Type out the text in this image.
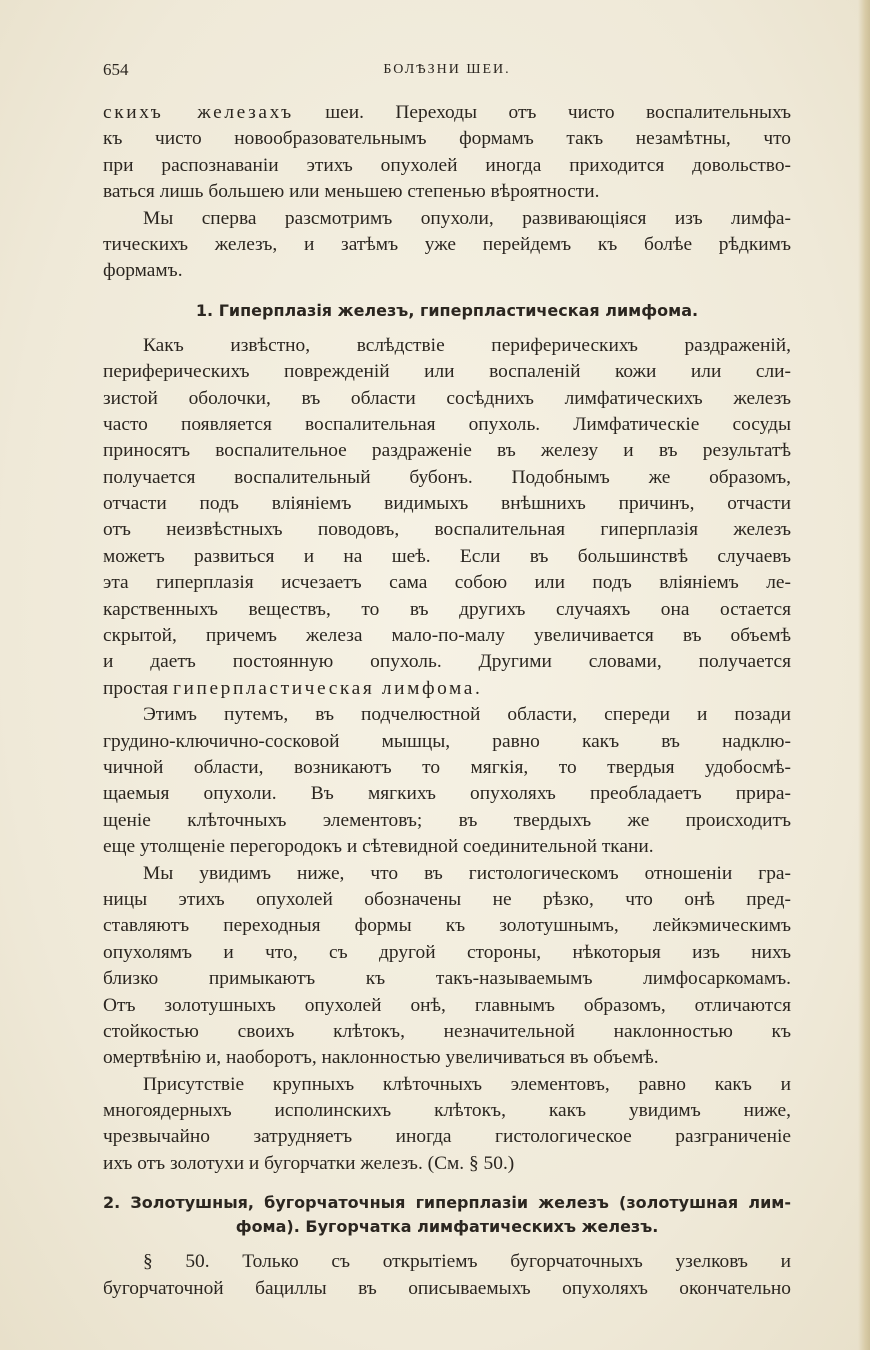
654	БОЛѢЗНИ ШЕИ.
скихъ железахъ шеи. Переходы отъ чисто воспалительныхъ
къ чисто новообразовательнымъ формамъ такъ незамѣтны, что
при распознаваніи этихъ опухолей иногда приходится довольство-
ваться лишь большею или меньшею степенью вѣроятности.
Мы сперва разсмотримъ опухоли, развивающіяся изъ лимфа-
тическихъ железъ, и затѣмъ уже перейдемъ къ болѣе рѣдкимъ
формамъ.
1. Гиперплазія железъ, гиперпластическая лимфома.
Какъ извѣстно, вслѣдствіе периферическихъ раздраженій,
периферическихъ поврежденій или воспаленій кожи или сли-
зистой оболочки, въ области сосѣднихъ лимфатическихъ железъ
часто появляется воспалительная опухоль. Лимфатическіе сосуды
приносятъ воспалительное раздраженіе въ железу и въ результатѣ
получается воспалительный бубонъ. Подобнымъ же образомъ,
отчасти подъ вліяніемъ видимыхъ внѣшнихъ причинъ, отчасти
отъ неизвѣстныхъ поводовъ, воспалительная гиперплазія железъ
можетъ развиться и на шеѣ. Если въ большинствѣ случаевъ
эта гиперплазія исчезаетъ сама собою или подъ вліяніемъ ле-
карственныхъ веществъ, то въ другихъ случаяхъ она остается
скрытой, причемъ железа мало-по-малу увеличивается въ объемѣ
и даетъ постоянную опухоль. Другими словами, получается
простая гиперпластическая лимфома.
Этимъ путемъ, въ подчелюстной области, спереди и позади
грудино-ключично-сосковой мышцы, равно какъ въ надклю-
чичной области, возникаютъ то мягкія, то твердыя удобосмѣ-
щаемыя опухоли. Въ мягкихъ опухоляхъ преобладаетъ прира-
щеніе клѣточныхъ элементовъ; въ твердыхъ же происходитъ
еще утолщеніе перегородокъ и сѣтевидной соединительной ткани.
Мы увидимъ ниже, что въ гистологическомъ отношеніи гра-
ницы этихъ опухолей обозначены не рѣзко, что онѣ пред-
ставляютъ переходныя формы къ золотушнымъ, лейкэмическимъ
опухолямъ и что, съ другой стороны, нѣкоторыя изъ нихъ
близко примыкаютъ къ такъ-называемымъ лимфосаркомамъ.
Отъ золотушныхъ опухолей онѣ, главнымъ образомъ, отличаются
стойкостью своихъ клѣтокъ, незначительной наклонностью къ
омертвѣнію и, наоборотъ, наклонностью увеличиваться въ объемѣ.
Присутствіе крупныхъ клѣточныхъ элементовъ, равно какъ и
многоядерныхъ исполинскихъ клѣтокъ, какъ увидимъ ниже,
чрезвычайно затрудняетъ иногда гистологическое разграниченіе
ихъ отъ золотухи и бугорчатки железъ. (См. § 50.)
2. Золотушныя, бугорчаточныя гиперплазіи железъ (золотушная лим-
фома). Бугорчатка лимфатическихъ железъ.
§ 50. Только съ открытіемъ бугорчаточныхъ узелковъ и
бугорчаточной бациллы въ описываемыхъ опухоляхъ окончательно
